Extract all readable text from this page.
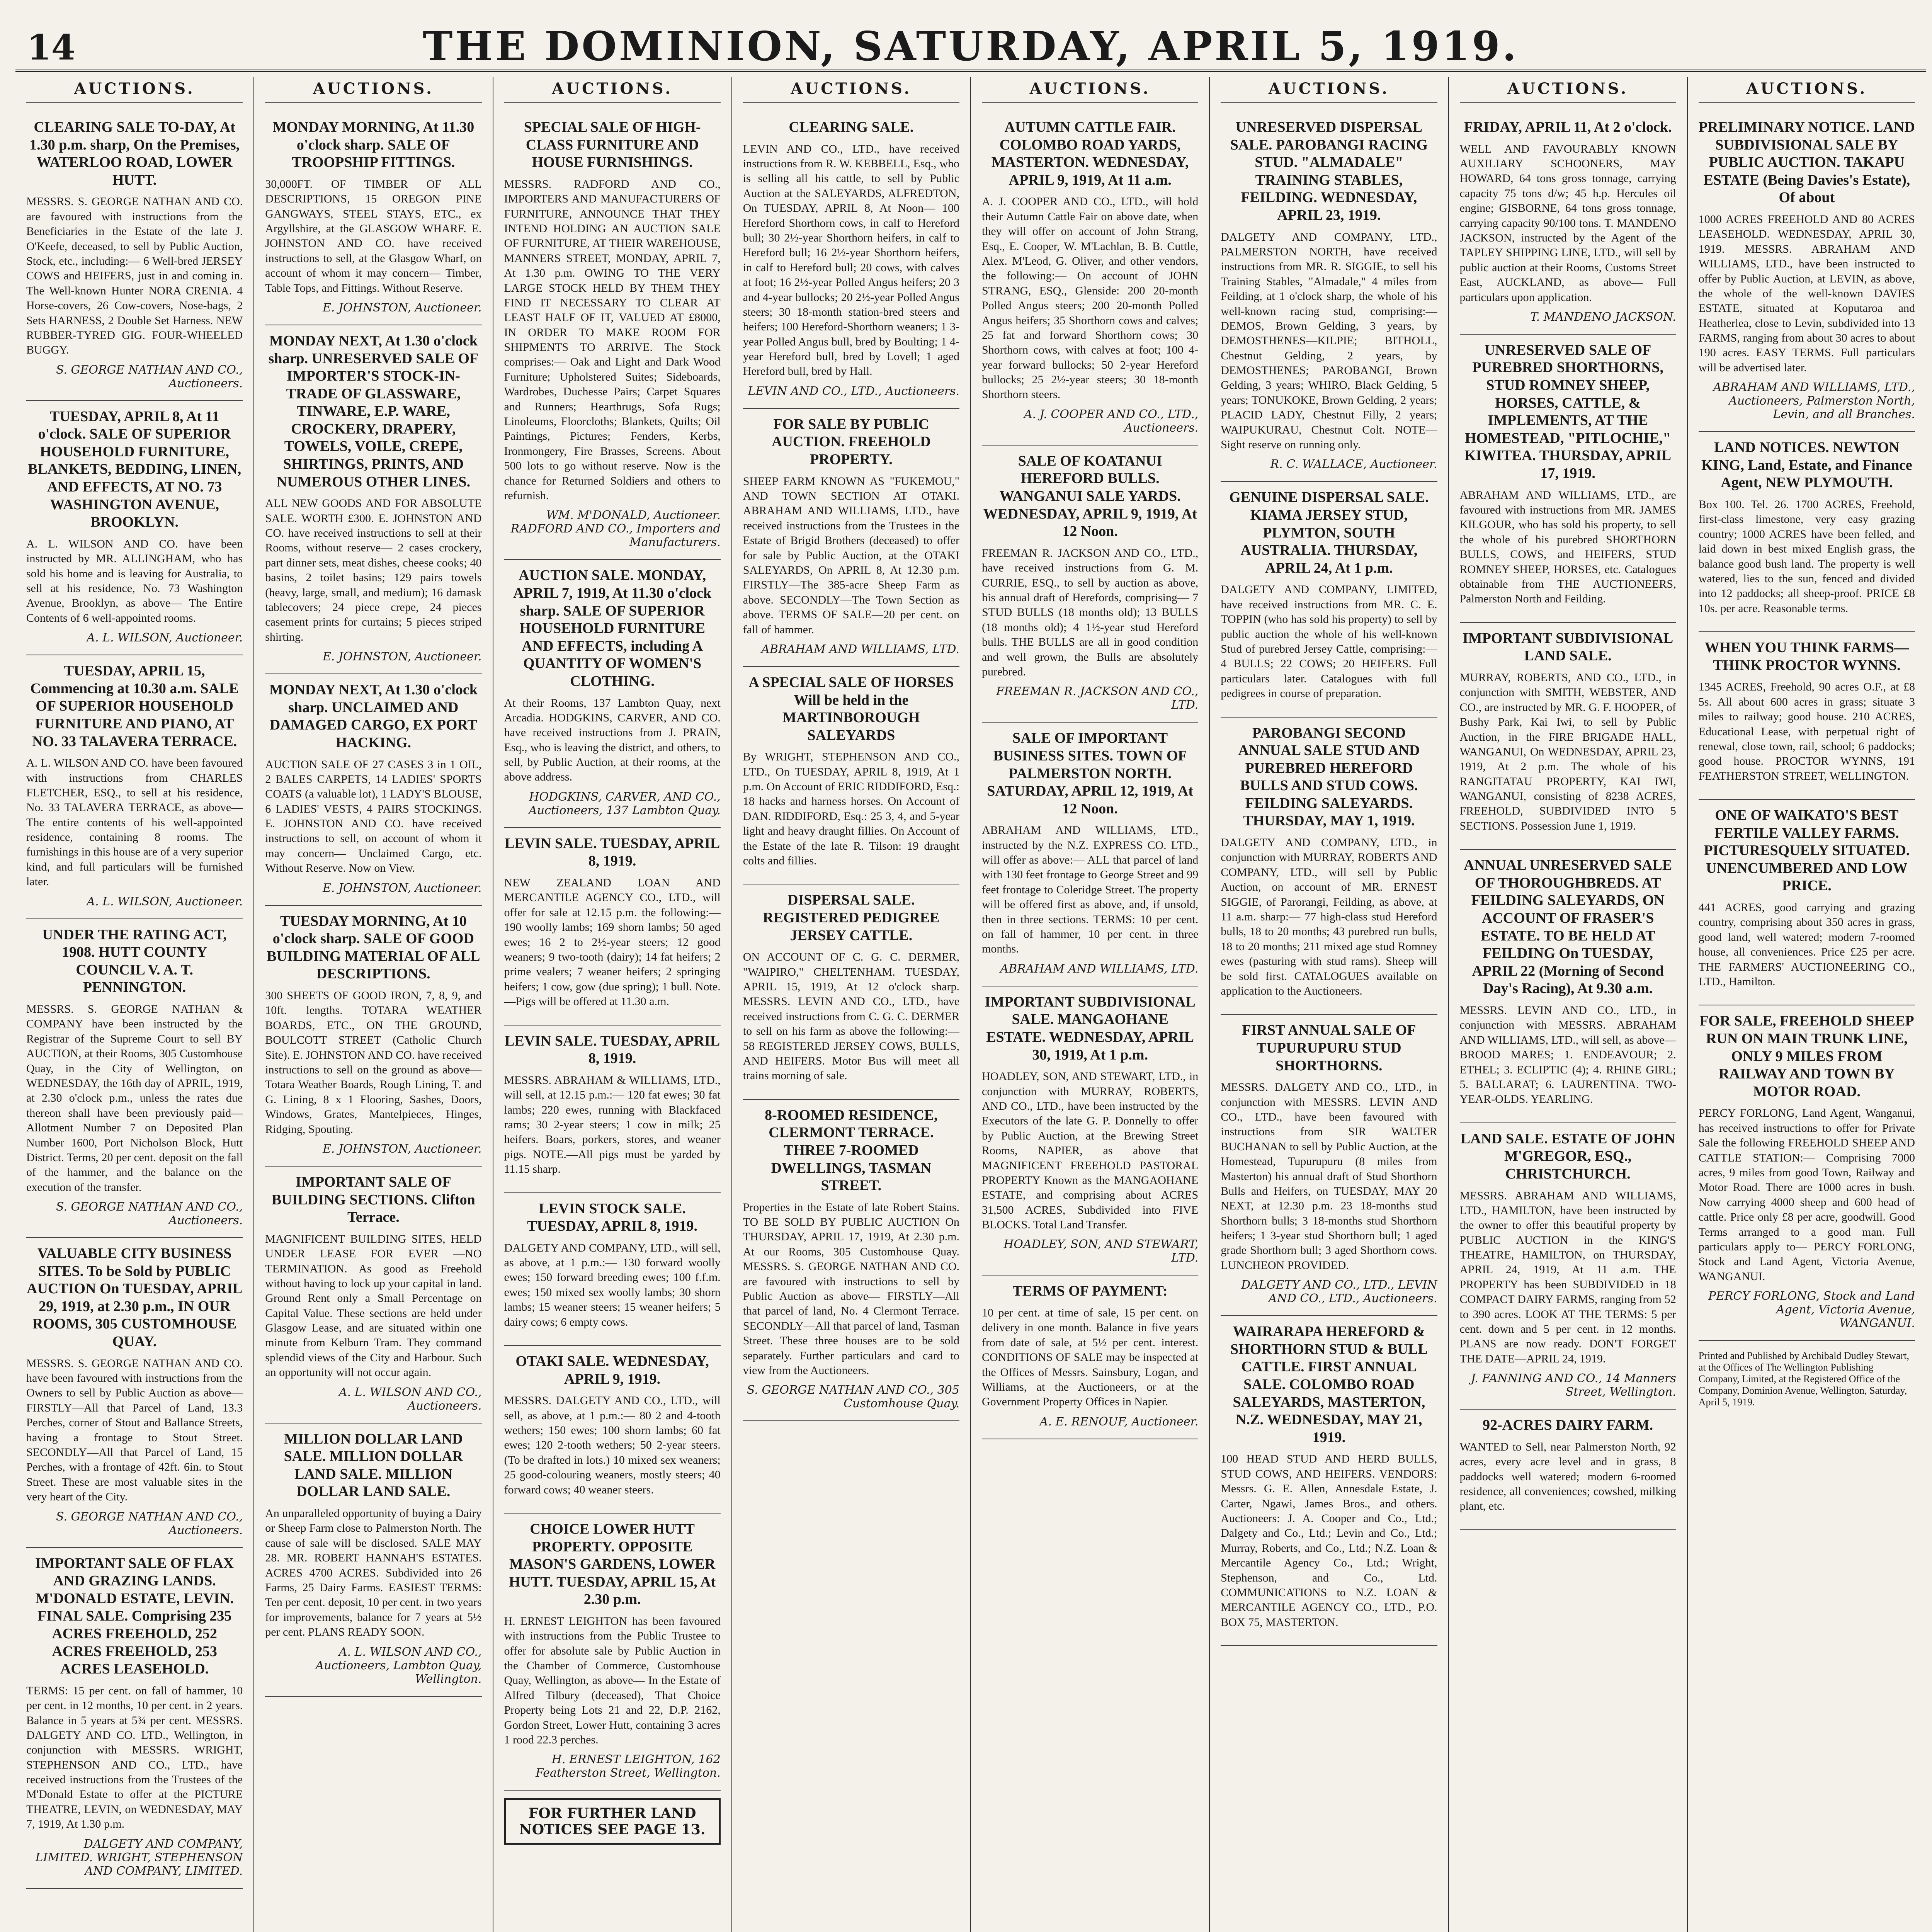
14	THE DOMINION, SATURDAY, APRIL 5, 1919.
AUCTIONS.
CLEARING SALE TO-DAY, At 1.30 p.m. sharp, On the Premises, WATERLOO ROAD, LOWER HUTT.

MESSRS. S. GEORGE NATHAN AND CO. are favoured with instructions from the Beneficiaries in the Estate of the late J. O'Keefe, deceased, to sell by Public Auction, Stock, etc., including:— 6 Well-bred JERSEY COWS and HEIFERS, just in and coming in. The Well-known Hunter NORA CRENIA. 4 Horse-covers, 26 Cow-covers, Nose-bags, 2 Sets HARNESS, 2 Double Set Harness. NEW RUBBER-TYRED GIG. FOUR-WHEELED BUGGY.

S. GEORGE NATHAN AND CO., Auctioneers.
TUESDAY, APRIL 8, At 11 o'clock. SALE OF SUPERIOR HOUSEHOLD FURNITURE, BLANKETS, BEDDING, LINEN, AND EFFECTS, AT NO. 73 WASHINGTON AVENUE, BROOKLYN.

A. L. WILSON AND CO. have been instructed by MR. ALLINGHAM, who has sold his home and is leaving for Australia, to sell at his residence, No. 73 Washington Avenue, Brooklyn, as above— The Entire Contents of 6 well-appointed rooms.

A. L. WILSON, Auctioneer.
TUESDAY, APRIL 15, Commencing at 10.30 a.m. SALE OF SUPERIOR HOUSEHOLD FURNITURE AND PIANO, AT NO. 33 TALAVERA TERRACE.

A. L. WILSON AND CO. have been favoured with instructions from CHARLES FLETCHER, ESQ., to sell at his residence, No. 33 TALAVERA TERRACE, as above— The entire contents of his well-appointed residence, containing 8 rooms. The furnishings in this house are of a very superior kind, and full particulars will be furnished later.

A. L. WILSON, Auctioneer.
UNDER THE RATING ACT, 1908. HUTT COUNTY COUNCIL V. A. T. PENNINGTON.

MESSRS. S. GEORGE NATHAN & COMPANY have been instructed by the Registrar of the Supreme Court to sell BY AUCTION, at their Rooms, 305 Customhouse Quay, in the City of Wellington, on WEDNESDAY, the 16th day of APRIL, 1919, at 2.30 o'clock p.m., unless the rates due thereon shall have been previously paid— Allotment Number 7 on Deposited Plan Number 1600, Port Nicholson Block, Hutt District. Terms, 20 per cent. deposit on the fall of the hammer, and the balance on the execution of the transfer.

S. GEORGE NATHAN AND CO., Auctioneers.
VALUABLE CITY BUSINESS SITES. To be Sold by PUBLIC AUCTION On TUESDAY, APRIL 29, 1919, at 2.30 p.m., IN OUR ROOMS, 305 CUSTOMHOUSE QUAY.

MESSRS. S. GEORGE NATHAN AND CO. have been favoured with instructions from the Owners to sell by Public Auction as above— FIRSTLY—All that Parcel of Land, 13.3 Perches, corner of Stout and Ballance Streets, having a frontage to Stout Street. SECONDLY—All that Parcel of Land, 15 Perches, with a frontage of 42ft. 6in. to Stout Street. These are most valuable sites in the very heart of the City.

S. GEORGE NATHAN AND CO., Auctioneers.
IMPORTANT SALE OF FLAX AND GRAZING LANDS. M'DONALD ESTATE, LEVIN. FINAL SALE. Comprising 235 ACRES FREEHOLD, 252 ACRES FREEHOLD, 253 ACRES LEASEHOLD.

TERMS: 15 per cent. on fall of hammer, 10 per cent. in 12 months, 10 per cent. in 2 years. Balance in 5 years at 5¾ per cent. MESSRS. DALGETY AND CO. LTD., Wellington, in conjunction with MESSRS. WRIGHT, STEPHENSON AND CO., LTD., have received instructions from the Trustees of the M'Donald Estate to offer at the PICTURE THEATRE, LEVIN, on WEDNESDAY, MAY 7, 1919, At 1.30 p.m.

DALGETY AND COMPANY, LIMITED. WRIGHT, STEPHENSON AND COMPANY, LIMITED.
AUCTIONS.
MONDAY MORNING, At 11.30 o'clock sharp. SALE OF TROOPSHIP FITTINGS.

30,000FT. OF TIMBER OF ALL DESCRIPTIONS, 15 OREGON PINE GANGWAYS, STEEL STAYS, ETC., ex Argyllshire, at the GLASGOW WHARF. E. JOHNSTON AND CO. have received instructions to sell, at the Glasgow Wharf, on account of whom it may concern— Timber, Table Tops, and Fittings. Without Reserve.

E. JOHNSTON, Auctioneer.
MONDAY NEXT, At 1.30 o'clock sharp. UNRESERVED SALE OF IMPORTER'S STOCK-IN-TRADE OF GLASSWARE, TINWARE, E.P. WARE, CROCKERY, DRAPERY, TOWELS, VOILE, CREPE, SHIRTINGS, PRINTS, AND NUMEROUS OTHER LINES.

ALL NEW GOODS AND FOR ABSOLUTE SALE. WORTH £300. E. JOHNSTON AND CO. have received instructions to sell at their Rooms, without reserve— 2 cases crockery, part dinner sets, meat dishes, cheese cooks; 40 basins, 2 toilet basins; 129 pairs towels (heavy, large, small, and medium); 16 damask tablecovers; 24 piece crepe, 24 pieces casement prints for curtains; 5 pieces striped shirting.

E. JOHNSTON, Auctioneer.
MONDAY NEXT, At 1.30 o'clock sharp. UNCLAIMED AND DAMAGED CARGO, EX PORT HACKING.

AUCTION SALE OF 27 CASES 3 in 1 OIL, 2 BALES CARPETS, 14 LADIES' SPORTS COATS (a valuable lot), 1 LADY'S BLOUSE, 6 LADIES' VESTS, 4 PAIRS STOCKINGS. E. JOHNSTON AND CO. have received instructions to sell, on account of whom it may concern— Unclaimed Cargo, etc. Without Reserve. Now on View.

E. JOHNSTON, Auctioneer.
TUESDAY MORNING, At 10 o'clock sharp. SALE OF GOOD BUILDING MATERIAL OF ALL DESCRIPTIONS.

300 SHEETS OF GOOD IRON, 7, 8, 9, and 10ft. lengths. TOTARA WEATHER BOARDS, ETC., ON THE GROUND, BOULCOTT STREET (Catholic Church Site). E. JOHNSTON AND CO. have received instructions to sell on the ground as above— Totara Weather Boards, Rough Lining, T. and G. Lining, 8 x 1 Flooring, Sashes, Doors, Windows, Grates, Mantelpieces, Hinges, Ridging, Spouting.

E. JOHNSTON, Auctioneer.
IMPORTANT SALE OF BUILDING SECTIONS. Clifton Terrace.

MAGNIFICENT BUILDING SITES, HELD UNDER LEASE FOR EVER —NO TERMINATION. As good as Freehold without having to lock up your capital in land. Ground Rent only a Small Percentage on Capital Value. These sections are held under Glasgow Lease, and are situated within one minute from Kelburn Tram. They command splendid views of the City and Harbour. Such an opportunity will not occur again.

A. L. WILSON AND CO., Auctioneers.
MILLION DOLLAR LAND SALE. MILLION DOLLAR LAND SALE. MILLION DOLLAR LAND SALE.

An unparalleled opportunity of buying a Dairy or Sheep Farm close to Palmerston North. The cause of sale will be disclosed. SALE MAY 28. MR. ROBERT HANNAH'S ESTATES. ACRES 4700 ACRES. Subdivided into 26 Farms, 25 Dairy Farms. EASIEST TERMS: Ten per cent. deposit, 10 per cent. in two years for improvements, balance for 7 years at 5½ per cent. PLANS READY SOON.

A. L. WILSON AND CO., Auctioneers, Lambton Quay, Wellington.
AUCTIONS.
SPECIAL SALE OF HIGH-CLASS FURNITURE AND HOUSE FURNISHINGS.

MESSRS. RADFORD AND CO., IMPORTERS AND MANUFACTURERS OF FURNITURE, ANNOUNCE THAT THEY INTEND HOLDING AN AUCTION SALE OF FURNITURE, AT THEIR WAREHOUSE, MANNERS STREET, MONDAY, APRIL 7, At 1.30 p.m. OWING TO THE VERY LARGE STOCK HELD BY THEM THEY FIND IT NECESSARY TO CLEAR AT LEAST HALF OF IT, VALUED AT £8000, IN ORDER TO MAKE ROOM FOR SHIPMENTS TO ARRIVE. The Stock comprises:— Oak and Light and Dark Wood Furniture; Upholstered Suites; Sideboards, Wardrobes, Duchesse Pairs; Carpet Squares and Runners; Hearthrugs, Sofa Rugs; Linoleums, Floorcloths; Blankets, Quilts; Oil Paintings, Pictures; Fenders, Kerbs, Ironmongery, Fire Brasses, Screens. About 500 lots to go without reserve. Now is the chance for Returned Soldiers and others to refurnish.

WM. M'DONALD, Auctioneer. RADFORD AND CO., Importers and Manufacturers.
AUCTION SALE. MONDAY, APRIL 7, 1919, At 11.30 o'clock sharp. SALE OF SUPERIOR HOUSEHOLD FURNITURE AND EFFECTS, including A QUANTITY OF WOMEN'S CLOTHING.

At their Rooms, 137 Lambton Quay, next Arcadia. HODGKINS, CARVER, AND CO. have received instructions from J. PRAIN, Esq., who is leaving the district, and others, to sell, by Public Auction, at their rooms, at the above address.

HODGKINS, CARVER, AND CO., Auctioneers, 137 Lambton Quay.
LEVIN SALE. TUESDAY, APRIL 8, 1919.

NEW ZEALAND LOAN AND MERCANTILE AGENCY CO., LTD., will offer for sale at 12.15 p.m. the following:— 190 woolly lambs; 169 shorn lambs; 50 aged ewes; 16 2 to 2½-year steers; 12 good weaners; 9 two-tooth (dairy); 14 fat heifers; 2 prime vealers; 7 weaner heifers; 2 springing heifers; 1 cow, gow (due spring); 1 bull. Note.—Pigs will be offered at 11.30 a.m.

LEVIN SALE. TUESDAY, APRIL 8, 1919.

MESSRS. ABRAHAM & WILLIAMS, LTD., will sell, at 12.15 p.m.:— 120 fat ewes; 30 fat lambs; 220 ewes, running with Blackfaced rams; 30 2-year steers; 1 cow in milk; 25 heifers. Boars, porkers, stores, and weaner pigs. NOTE.—All pigs must be yarded by 11.15 sharp.

LEVIN STOCK SALE. TUESDAY, APRIL 8, 1919.

DALGETY AND COMPANY, LTD., will sell, as above, at 1 p.m.:— 130 forward woolly ewes; 150 forward breeding ewes; 100 f.f.m. ewes; 150 mixed sex woolly lambs; 30 shorn lambs; 15 weaner steers; 15 weaner heifers; 5 dairy cows; 6 empty cows.

OTAKI SALE. WEDNESDAY, APRIL 9, 1919.

MESSRS. DALGETY AND CO., LTD., will sell, as above, at 1 p.m.:— 80 2 and 4-tooth wethers; 150 ewes; 100 shorn lambs; 60 fat ewes; 120 2-tooth wethers; 50 2-year steers. (To be drafted in lots.) 10 mixed sex weaners; 25 good-colouring weaners, mostly steers; 40 forward cows; 40 weaner steers.

CHOICE LOWER HUTT PROPERTY. OPPOSITE MASON'S GARDENS, LOWER HUTT. TUESDAY, APRIL 15, At 2.30 p.m.

H. ERNEST LEIGHTON has been favoured with instructions from the Public Trustee to offer for absolute sale by Public Auction in the Chamber of Commerce, Customhouse Quay, Wellington, as above— In the Estate of Alfred Tilbury (deceased), That Choice Property being Lots 21 and 22, D.P. 2162, Gordon Street, Lower Hutt, containing 3 acres 1 rood 22.3 perches.

H. ERNEST LEIGHTON, 162 Featherston Street, Wellington.
FOR FURTHER LAND NOTICES SEE PAGE 13.
AUCTIONS.
CLEARING SALE.

LEVIN AND CO., LTD., have received instructions from R. W. KEBBELL, Esq., who is selling all his cattle, to sell by Public Auction at the SALEYARDS, ALFREDTON, On TUESDAY, APRIL 8, At Noon— 100 Hereford Shorthorn cows, in calf to Hereford bull; 30 2½-year Shorthorn heifers, in calf to Hereford bull; 16 2½-year Shorthorn heifers, in calf to Hereford bull; 20 cows, with calves at foot; 16 2½-year Polled Angus heifers; 20 3 and 4-year bullocks; 20 2½-year Polled Angus steers; 30 18-month station-bred steers and heifers; 100 Hereford-Shorthorn weaners; 1 3-year Polled Angus bull, bred by Boulting; 1 4-year Hereford bull, bred by Lovell; 1 aged Hereford bull, bred by Hall.

LEVIN AND CO., LTD., Auctioneers.
FOR SALE BY PUBLIC AUCTION. FREEHOLD PROPERTY.

SHEEP FARM KNOWN AS "FUKEMOU," AND TOWN SECTION AT OTAKI. ABRAHAM AND WILLIAMS, LTD., have received instructions from the Trustees in the Estate of Brigid Brothers (deceased) to offer for sale by Public Auction, at the OTAKI SALEYARDS, On APRIL 8, At 12.30 p.m. FIRSTLY—The 385-acre Sheep Farm as above. SECONDLY—The Town Section as above. TERMS OF SALE—20 per cent. on fall of hammer.

ABRAHAM AND WILLIAMS, LTD.
A SPECIAL SALE OF HORSES Will be held in the MARTINBOROUGH SALEYARDS

By WRIGHT, STEPHENSON AND CO., LTD., On TUESDAY, APRIL 8, 1919, At 1 p.m. On Account of ERIC RIDDIFORD, Esq.: 18 hacks and harness horses. On Account of DAN. RIDDIFORD, Esq.: 25 3, 4, and 5-year light and heavy draught fillies. On Account of the Estate of the late R. Tilson: 19 draught colts and fillies.

DISPERSAL SALE. REGISTERED PEDIGREE JERSEY CATTLE.

ON ACCOUNT OF C. G. C. DERMER, "WAIPIRO," CHELTENHAM. TUESDAY, APRIL 15, 1919, At 12 o'clock sharp. MESSRS. LEVIN AND CO., LTD., have received instructions from C. G. C. DERMER to sell on his farm as above the following:— 58 REGISTERED JERSEY COWS, BULLS, AND HEIFERS. Motor Bus will meet all trains morning of sale.

8-ROOMED RESIDENCE, CLERMONT TERRACE. THREE 7-ROOMED DWELLINGS, TASMAN STREET.

Properties in the Estate of late Robert Stains. TO BE SOLD BY PUBLIC AUCTION On THURSDAY, APRIL 17, 1919, At 2.30 p.m. At our Rooms, 305 Customhouse Quay. MESSRS. S. GEORGE NATHAN AND CO. are favoured with instructions to sell by Public Auction as above— FIRSTLY—All that parcel of land, No. 4 Clermont Terrace. SECONDLY—All that parcel of land, Tasman Street. These three houses are to be sold separately. Further particulars and card to view from the Auctioneers.

S. GEORGE NATHAN AND CO., 305 Customhouse Quay.
AUCTIONS.
AUTUMN CATTLE FAIR. COLOMBO ROAD YARDS, MASTERTON. WEDNESDAY, APRIL 9, 1919, At 11 a.m.

A. J. COOPER AND CO., LTD., will hold their Autumn Cattle Fair on above date, when they will offer on account of John Strang, Esq., E. Cooper, W. M'Lachlan, B. B. Cuttle, Alex. M'Leod, G. Oliver, and other vendors, the following:— On account of JOHN STRANG, ESQ., Glenside: 200 20-month Polled Angus steers; 200 20-month Polled Angus heifers; 35 Shorthorn cows and calves; 25 fat and forward Shorthorn cows; 30 Shorthorn cows, with calves at foot; 100 4-year forward bullocks; 50 2-year Hereford bullocks; 25 2½-year steers; 30 18-month Shorthorn steers.

A. J. COOPER AND CO., LTD., Auctioneers.
SALE OF KOATANUI HEREFORD BULLS. WANGANUI SALE YARDS. WEDNESDAY, APRIL 9, 1919, At 12 Noon.

FREEMAN R. JACKSON AND CO., LTD., have received instructions from G. M. CURRIE, ESQ., to sell by auction as above, his annual draft of Herefords, comprising— 7 STUD BULLS (18 months old); 13 BULLS (18 months old); 4 1½-year stud Hereford bulls. THE BULLS are all in good condition and well grown, the Bulls are absolutely purebred.

FREEMAN R. JACKSON AND CO., LTD.
SALE OF IMPORTANT BUSINESS SITES. TOWN OF PALMERSTON NORTH. SATURDAY, APRIL 12, 1919, At 12 Noon.

ABRAHAM AND WILLIAMS, LTD., instructed by the N.Z. EXPRESS CO. LTD., will offer as above:— ALL that parcel of land with 130 feet frontage to George Street and 99 feet frontage to Coleridge Street. The property will be offered first as above, and, if unsold, then in three sections. TERMS: 10 per cent. on fall of hammer, 10 per cent. in three months.

ABRAHAM AND WILLIAMS, LTD.
IMPORTANT SUBDIVISIONAL SALE. MANGAOHANE ESTATE. WEDNESDAY, APRIL 30, 1919, At 1 p.m.

HOADLEY, SON, AND STEWART, LTD., in conjunction with MURRAY, ROBERTS, AND CO., LTD., have been instructed by the Executors of the late G. P. Donnelly to offer by Public Auction, at the Brewing Street Rooms, NAPIER, as above that MAGNIFICENT FREEHOLD PASTORAL PROPERTY Known as the MANGAOHANE ESTATE, and comprising about ACRES 31,500 ACRES, Subdivided into FIVE BLOCKS. Total Land Transfer.

HOADLEY, SON, AND STEWART, LTD.
TERMS OF PAYMENT:

10 per cent. at time of sale, 15 per cent. on delivery in one month. Balance in five years from date of sale, at 5½ per cent. interest. CONDITIONS OF SALE may be inspected at the Offices of Messrs. Sainsbury, Logan, and Williams, at the Auctioneers, or at the Government Property Offices in Napier.

A. E. RENOUF, Auctioneer.
AUCTIONS.
UNRESERVED DISPERSAL SALE. PAROBANGI RACING STUD. "ALMADALE" TRAINING STABLES, FEILDING. WEDNESDAY, APRIL 23, 1919.

DALGETY AND COMPANY, LTD., PALMERSTON NORTH, have received instructions from MR. R. SIGGIE, to sell his Training Stables, "Almadale," 4 miles from Feilding, at 1 o'clock sharp, the whole of his well-known racing stud, comprising:— DEMOS, Brown Gelding, 3 years, by DEMOSTHENES—KILPIE; BITHOLL, Chestnut Gelding, 2 years, by DEMOSTHENES; PAROBANGI, Brown Gelding, 3 years; WHIRO, Black Gelding, 5 years; TONUKOKE, Brown Gelding, 2 years; PLACID LADY, Chestnut Filly, 2 years; WAIPUKURAU, Chestnut Colt. NOTE—Sight reserve on running only.

R. C. WALLACE, Auctioneer.
GENUINE DISPERSAL SALE. KIAMA JERSEY STUD, PLYMTON, SOUTH AUSTRALIA. THURSDAY, APRIL 24, At 1 p.m.

DALGETY AND COMPANY, LIMITED, have received instructions from MR. C. E. TOPPIN (who has sold his property) to sell by public auction the whole of his well-known Stud of purebred Jersey Cattle, comprising:— 4 BULLS; 22 COWS; 20 HEIFERS. Full particulars later. Catalogues with full pedigrees in course of preparation.

PAROBANGI SECOND ANNUAL SALE STUD AND PUREBRED HEREFORD BULLS AND STUD COWS. FEILDING SALEYARDS. THURSDAY, MAY 1, 1919.

DALGETY AND COMPANY, LTD., in conjunction with MURRAY, ROBERTS AND COMPANY, LTD., will sell by Public Auction, on account of MR. ERNEST SIGGIE, of Parorangi, Feilding, as above, at 11 a.m. sharp:— 77 high-class stud Hereford bulls, 18 to 20 months; 43 purebred run bulls, 18 to 20 months; 211 mixed age stud Romney ewes (pasturing with stud rams). Sheep will be sold first. CATALOGUES available on application to the Auctioneers.

FIRST ANNUAL SALE OF TUPURUPURU STUD SHORTHORNS.

MESSRS. DALGETY AND CO., LTD., in conjunction with MESSRS. LEVIN AND CO., LTD., have been favoured with instructions from SIR WALTER BUCHANAN to sell by Public Auction, at the Homestead, Tupurupuru (8 miles from Masterton) his annual draft of Stud Shorthorn Bulls and Heifers, on TUESDAY, MAY 20 NEXT, at 12.30 p.m. 23 18-months stud Shorthorn bulls; 3 18-months stud Shorthorn heifers; 1 3-year stud Shorthorn bull; 1 aged grade Shorthorn bull; 3 aged Shorthorn cows. LUNCHEON PROVIDED.

DALGETY AND CO., LTD., LEVIN AND CO., LTD., Auctioneers.
WAIRARAPA HEREFORD & SHORTHORN STUD & BULL CATTLE. FIRST ANNUAL SALE. COLOMBO ROAD SALEYARDS, MASTERTON, N.Z. WEDNESDAY, MAY 21, 1919.

100 HEAD STUD AND HERD BULLS, STUD COWS, AND HEIFERS. VENDORS: Messrs. G. E. Allen, Annesdale Estate, J. Carter, Ngawi, James Bros., and others. Auctioneers: J. A. Cooper and Co., Ltd.; Dalgety and Co., Ltd.; Levin and Co., Ltd.; Murray, Roberts, and Co., Ltd.; N.Z. Loan & Mercantile Agency Co., Ltd.; Wright, Stephenson, and Co., Ltd. COMMUNICATIONS to N.Z. LOAN & MERCANTILE AGENCY CO., LTD., P.O. BOX 75, MASTERTON.

AUCTIONS.
FRIDAY, APRIL 11, At 2 o'clock.

WELL AND FAVOURABLY KNOWN AUXILIARY SCHOONERS, MAY HOWARD, 64 tons gross tonnage, carrying capacity 75 tons d/w; 45 h.p. Hercules oil engine; GISBORNE, 64 tons gross tonnage, carrying capacity 90/100 tons. T. MANDENO JACKSON, instructed by the Agent of the TAPLEY SHIPPING LINE, LTD., will sell by public auction at their Rooms, Customs Street East, AUCKLAND, as above— Full particulars upon application.

T. MANDENO JACKSON.
UNRESERVED SALE OF PUREBRED SHORTHORNS, STUD ROMNEY SHEEP, HORSES, CATTLE, & IMPLEMENTS, AT THE HOMESTEAD, "PITLOCHIE," KIWITEA. THURSDAY, APRIL 17, 1919.

ABRAHAM AND WILLIAMS, LTD., are favoured with instructions from MR. JAMES KILGOUR, who has sold his property, to sell the whole of his purebred SHORTHORN BULLS, COWS, and HEIFERS, STUD ROMNEY SHEEP, HORSES, etc. Catalogues obtainable from THE AUCTIONEERS, Palmerston North and Feilding.

IMPORTANT SUBDIVISIONAL LAND SALE.

MURRAY, ROBERTS, AND CO., LTD., in conjunction with SMITH, WEBSTER, AND CO., are instructed by MR. G. F. HOOPER, of Bushy Park, Kai Iwi, to sell by Public Auction, in the FIRE BRIGADE HALL, WANGANUI, On WEDNESDAY, APRIL 23, 1919, At 2 p.m. The whole of his RANGITATAU PROPERTY, KAI IWI, WANGANUI, consisting of 8238 ACRES, FREEHOLD, SUBDIVIDED INTO 5 SECTIONS. Possession June 1, 1919.

ANNUAL UNRESERVED SALE OF THOROUGHBREDS. AT FEILDING SALEYARDS, ON ACCOUNT OF FRASER'S ESTATE. TO BE HELD AT FEILDING On TUESDAY, APRIL 22 (Morning of Second Day's Racing), At 9.30 a.m.

MESSRS. LEVIN AND CO., LTD., in conjunction with MESSRS. ABRAHAM AND WILLIAMS, LTD., will sell, as above— BROOD MARES; 1. ENDEAVOUR; 2. ETHEL; 3. ECLIPTIC (4); 4. RHINE GIRL; 5. BALLARAT; 6. LAURENTINA. TWO-YEAR-OLDS. YEARLING.

LAND SALE. ESTATE OF JOHN M'GREGOR, ESQ., CHRISTCHURCH.

MESSRS. ABRAHAM AND WILLIAMS, LTD., HAMILTON, have been instructed by the owner to offer this beautiful property by PUBLIC AUCTION in the KING'S THEATRE, HAMILTON, on THURSDAY, APRIL 24, 1919, At 11 a.m. THE PROPERTY has been SUBDIVIDED in 18 COMPACT DAIRY FARMS, ranging from 52 to 390 acres. LOOK AT THE TERMS: 5 per cent. down and 5 per cent. in 12 months. PLANS are now ready. DON'T FORGET THE DATE—APRIL 24, 1919.

J. FANNING AND CO., 14 Manners Street, Wellington.
92-ACRES DAIRY FARM.

WANTED to Sell, near Palmerston North, 92 acres, every acre level and in grass, 8 paddocks well watered; modern 6-roomed residence, all conveniences; cowshed, milking plant, etc.

AUCTIONS.
PRELIMINARY NOTICE. LAND SUBDIVISIONAL SALE BY PUBLIC AUCTION. TAKAPU ESTATE (Being Davies's Estate), Of about

1000 ACRES FREEHOLD AND 80 ACRES LEASEHOLD. WEDNESDAY, APRIL 30, 1919. MESSRS. ABRAHAM AND WILLIAMS, LTD., have been instructed to offer by Public Auction, at LEVIN, as above, the whole of the well-known DAVIES ESTATE, situated at Koputaroa and Heatherlea, close to Levin, subdivided into 13 FARMS, ranging from about 30 acres to about 190 acres. EASY TERMS. Full particulars will be advertised later.

ABRAHAM AND WILLIAMS, LTD., Auctioneers, Palmerston North, Levin, and all Branches.
LAND NOTICES. NEWTON KING, Land, Estate, and Finance Agent, NEW PLYMOUTH.

Box 100. Tel. 26. 1700 ACRES, Freehold, first-class limestone, very easy grazing country; 1000 ACRES have been felled, and laid down in best mixed English grass, the balance good bush land. The property is well watered, lies to the sun, fenced and divided into 12 paddocks; all sheep-proof. PRICE £8 10s. per acre. Reasonable terms.

WHEN YOU THINK FARMS—THINK PROCTOR WYNNS.

1345 ACRES, Freehold, 90 acres O.F., at £8 5s. All about 600 acres in grass; situate 3 miles to railway; good house. 210 ACRES, Educational Lease, with perpetual right of renewal, close town, rail, school; 6 paddocks; good house. PROCTOR WYNNS, 191 FEATHERSTON STREET, WELLINGTON.

ONE OF WAIKATO'S BEST FERTILE VALLEY FARMS. PICTURESQUELY SITUATED. UNENCUMBERED AND LOW PRICE.

441 ACRES, good carrying and grazing country, comprising about 350 acres in grass, good land, well watered; modern 7-roomed house, all conveniences. Price £25 per acre. THE FARMERS' AUCTIONEERING CO., LTD., Hamilton.

FOR SALE, FREEHOLD SHEEP RUN ON MAIN TRUNK LINE, ONLY 9 MILES FROM RAILWAY AND TOWN BY MOTOR ROAD.

PERCY FORLONG, Land Agent, Wanganui, has received instructions to offer for Private Sale the following FREEHOLD SHEEP AND CATTLE STATION:— Comprising 7000 acres, 9 miles from good Town, Railway and Motor Road. There are 1000 acres in bush. Now carrying 4000 sheep and 600 head of cattle. Price only £8 per acre, goodwill. Good Terms arranged to a good man. Full particulars apply to— PERCY FORLONG, Stock and Land Agent, Victoria Avenue, WANGANUI.

PERCY FORLONG, Stock and Land Agent, Victoria Avenue, WANGANUI.

Printed and Published by Archibald Dudley Stewart, at the Offices of The Wellington Publishing Company, Limited, at the Registered Office of the Company, Dominion Avenue, Wellington, Saturday, April 5, 1919.
